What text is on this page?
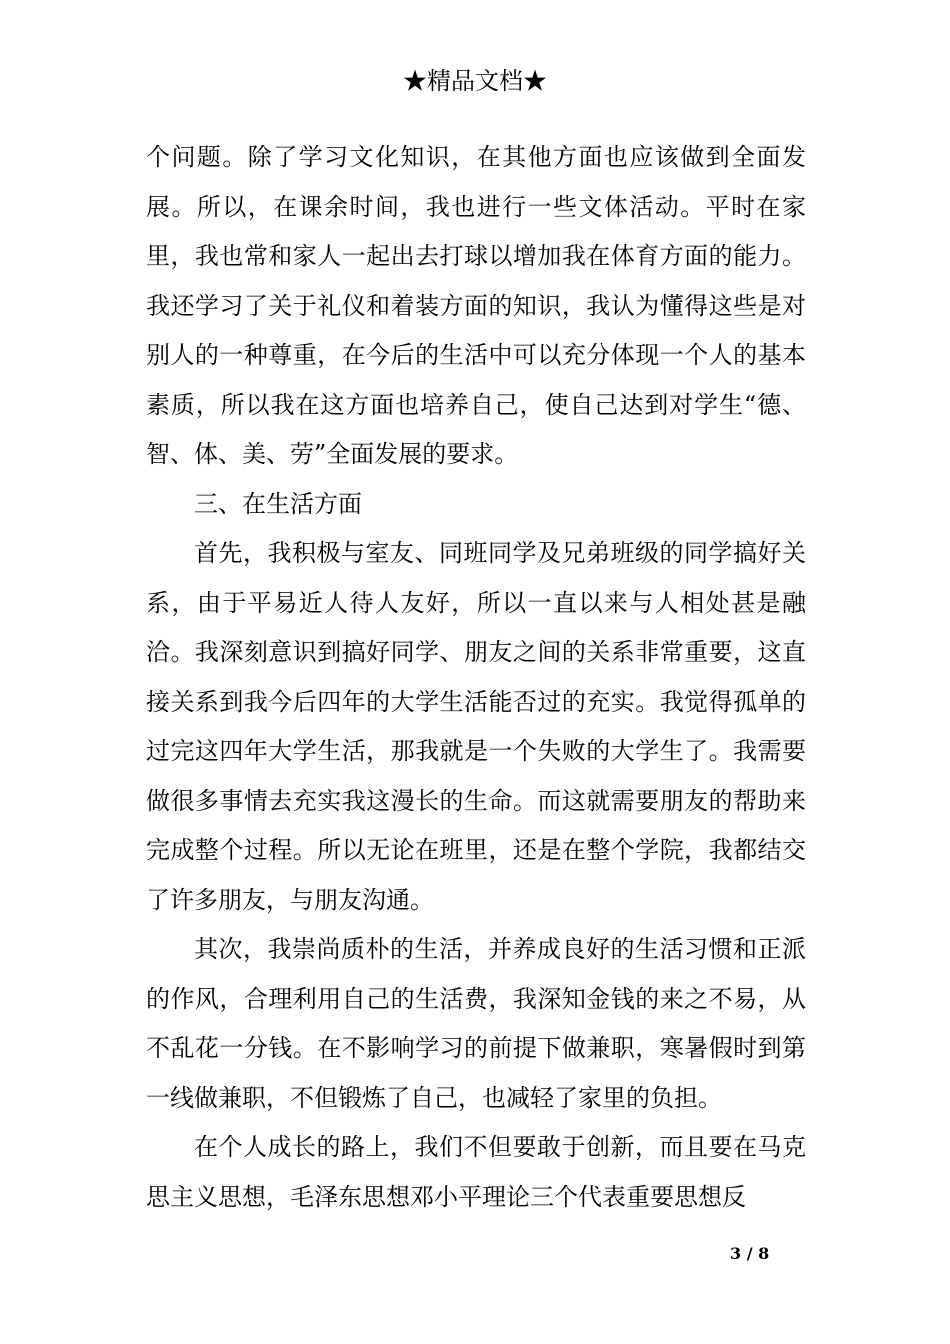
★精品文档★

个问题。除了学习文化知识，在其他方面也应该做到全面发展。所以，在课余时间，我也进行一些文体活动。平时在家里，我也常和家人一起出去打球以增加我在体育方面的能力。我还学习了关于礼仪和着装方面的知识，我认为懂得这些是对别人的一种尊重，在今后的生活中可以充分体现一个人的基本素质，所以我在这方面也培养自己，使自己达到对学生“德、智、体、美、劳”全面发展的要求。

三、在生活方面

首先，我积极与室友、同班同学及兄弟班级的同学搞好关系，由于平易近人待人友好，所以一直以来与人相处甚是融洽。我深刻意识到搞好同学、朋友之间的关系非常重要，这直接关系到我今后四年的大学生活能否过的充实。我觉得孤单的过完这四年大学生活，那我就是一个失败的大学生了。我需要做很多事情去充实我这漫长的生命。而这就需要朋友的帮助来完成整个过程。所以无论在班里，还是在整个学院，我都结交了许多朋友，与朋友沟通。

其次，我崇尚质朴的生活，并养成良好的生活习惯和正派的作风，合理利用自己的生活费，我深知金钱的来之不易，从不乱花一分钱。在不影响学习的前提下做兼职，寒暑假时到第一线做兼职，不但锻炼了自己，也减轻了家里的负担。

在个人成长的路上，我们不但要敢于创新，而且要在马克思主义思想，毛泽东思想邓小平理论三个代表重要思想反

3 / 8
